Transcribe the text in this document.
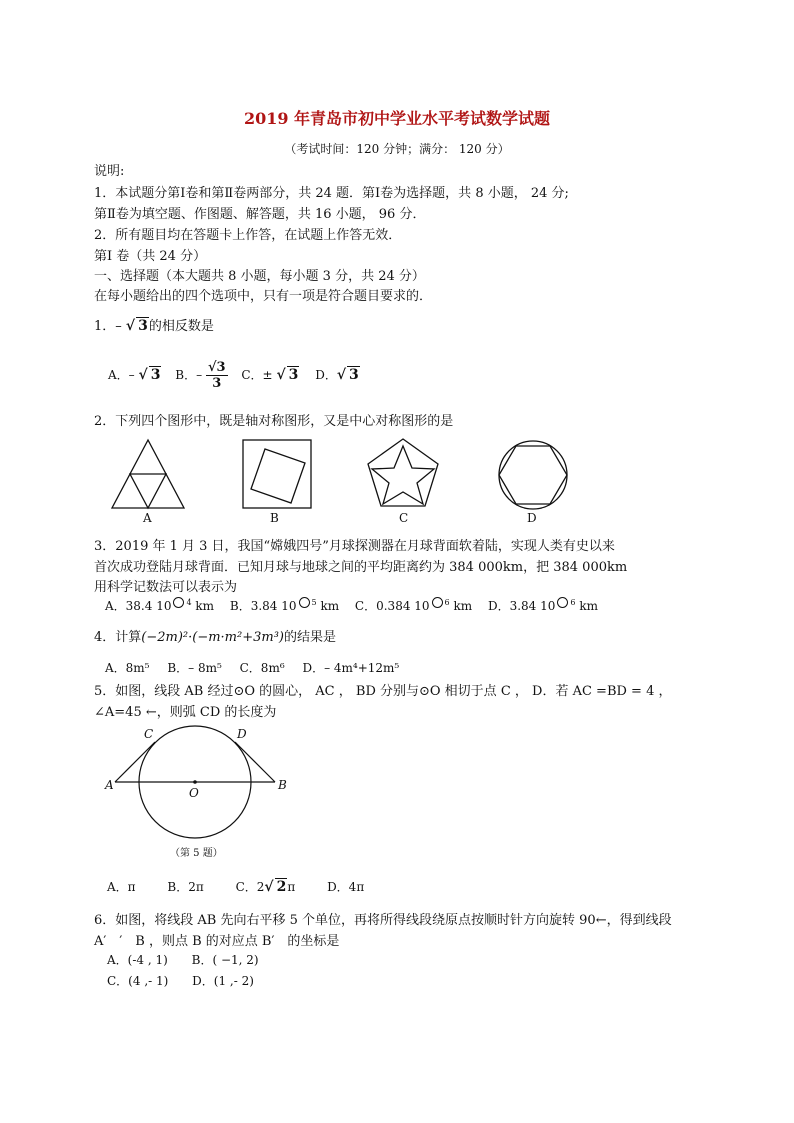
2019 年青岛市初中学业水平考试数学试题
（考试时间：120 分钟；满分： 120 分）
说明:
1．本试题分第Ⅰ卷和第Ⅱ卷两部分，共 24 题．第Ⅰ卷为选择题，共 8 小题， 24 分;
第Ⅱ卷为填空题、作图题、解答题，共 16 小题， 96 分．
2．所有题目均在答题卡上作答，在试题上作答无效．
第Ⅰ 卷（共 24 分）
一、选择题（本大题共 8 小题，每小题 3 分，共 24 分）
在每小题给出的四个选项中，只有一项是符合题目要求的．
1．– √ 3的相反数是
A．– √ 3 B．– $\frac{√3}{3}$ C．± √ 3 D．√ 3
2．下列四个图形中，既是轴对称图形，又是中心对称图形的是
A	B	C	D
3．2019 年 1 月 3 日，我国“嫦娥四号”月球探测器在月球背面软着陆，实现人类有史以来
首次成功登陆月球背面．已知月球与地球之间的平均距离约为 384 000km，把 384 000km
用科学记数法可以表示为
A．38.4 10 $^4$ km B．3.84 10 $^5$ km C．0.384 10 $^6$ km D．3.84 10 $^6$ km
4．计算(−2m)²·(−m·m²+3m³)的结果是
A．8m⁵ B．– 8m⁵ C．8m⁶ D．– 4m⁴+12m⁵
5．如图，线段 AB 经过⊙O 的圆心， AC ， BD 分别与⊙O 相切于点 C ， D．若 AC =BD = 4 ，
∠A=45 ←，则弧 CD 的长度为
C	D
A	B
O
（第 5 题）
A．π	B．2π	C．2√ 2π	D．4π
6．如图，将线段 AB 先向右平移 5 个单位，再将所得线段绕原点按顺时针方向旋转 90←，得到线段
A′　′　B ，则点 B 的对应点 B′　的坐标是
A．(-4 , 1) B．( −1, 2)
C．(4 ,- 1) D．(1 ,- 2)
